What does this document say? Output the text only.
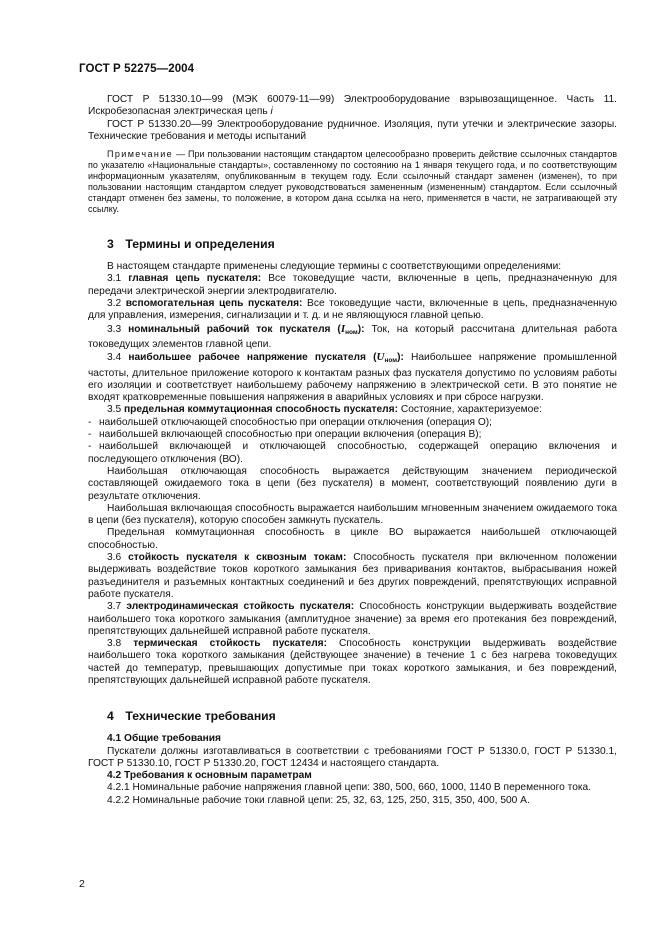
ГОСТ Р 52275—2004

ГОСТ Р 51330.10—99 (МЭК 60079-11—99) Электрооборудование взрывозащищенное. Часть 11. Искробезопасная электрическая цепь i

ГОСТ Р 51330.20—99 Электрооборудование рудничное. Изоляция, пути утечки и электрические зазоры. Технические требования и методы испытаний

Примечание — При пользовании настоящим стандартом целесообразно проверить действие ссылочных стандартов по указателю «Национальные стандарты», составленному по состоянию на 1 января текущего года, и по соответствующим информационным указателям, опубликованным в текущем году. Если ссылочный стандарт заменен (изменен), то при пользовании настоящим стандартом следует руководствоваться замененным (измененным) стандартом. Если ссылочный стандарт отменен без замены, то положение, в котором дана ссылка на него, применяется в части, не затрагивающей эту ссылку.

3 Термины и определения

В настоящем стандарте применены следующие термины с соответствующими определениями:

3.1 главная цепь пускателя: Все токоведущие части, включенные в цепь, предназначенную для передачи электрической энергии электродвигателю.

3.2 вспомогательная цепь пускателя: Все токоведущие части, включенные в цепь, предназначенную для управления, измерения, сигнализации и т. д. и не являющуюся главной цепью.

3.3 номинальный рабочий ток пускателя $(I_{ном})$: Ток, на который рассчитана длительная работа токоведущих элементов главной цепи.

3.4 наибольшее рабочее напряжение пускателя $(U_{ном})$: Наибольшее напряжение промышленной частоты, длительное приложение которого к контактам разных фаз пускателя допустимо по условиям работы его изоляции и соответствует наибольшему рабочему напряжению в электрической сети. В это понятие не входят кратковременные повышения напряжения в аварийных условиях и при сбросе нагрузки.

3.5 предельная коммутационная способность пускателя: Состояние, характеризуемое:

- наибольшей отключающей способностью при операции отключения (операция О);

- наибольшей включающей способностью при операции включения (операция В);

- наибольшей включающей и отключающей способностью, содержащей операцию включения и последующего отключения (ВО).

Наибольшая отключающая способность выражается действующим значением периодической составляющей ожидаемого тока в цепи (без пускателя) в момент, соответствующий появлению дуги в результате отключения.

Наибольшая включающая способность выражается наибольшим мгновенным значением ожидаемого тока в цепи (без пускателя), которую способен замкнуть пускатель.

Предельная коммутационная способность в цикле ВО выражается наибольшей отключающей способностью.

3.6 стойкость пускателя к сквозным токам: Способность пускателя при включенном положении выдерживать воздействие токов короткого замыкания без приваривания контактов, выбрасывания ножей разъединителя и разъемных контактных соединений и без других повреждений, препятствующих исправной работе пускателя.

3.7 электродинамическая стойкость пускателя: Способность конструкции выдерживать воздействие наибольшего тока короткого замыкания (амплитудное значение) за время его протекания без повреждений, препятствующих дальнейшей исправной работе пускателя.

3.8 термическая стойкость пускателя: Способность конструкции выдерживать воздействие наибольшего тока короткого замыкания (действующее значение) в течение 1 с без нагрева токоведущих частей до температур, превышающих допустимые при токах короткого замыкания, и без повреждений, препятствующих дальнейшей исправной работе пускателя.

4 Технические требования
4.1 Общие требования

Пускатели должны изготавливаться в соответствии с требованиями ГОСТ Р 51330.0, ГОСТ Р 51330.1, ГОСТ Р 51330.10, ГОСТ Р 51330.20, ГОСТ 12434 и настоящего стандарта.

4.2 Требования к основным параметрам

4.2.1 Номинальные рабочие напряжения главной цепи: 380, 500, 660, 1000, 1140 В переменного тока.

4.2.2 Номинальные рабочие токи главной цепи: 25, 32, 63, 125, 250, 315, 350, 400, 500 А.

2
